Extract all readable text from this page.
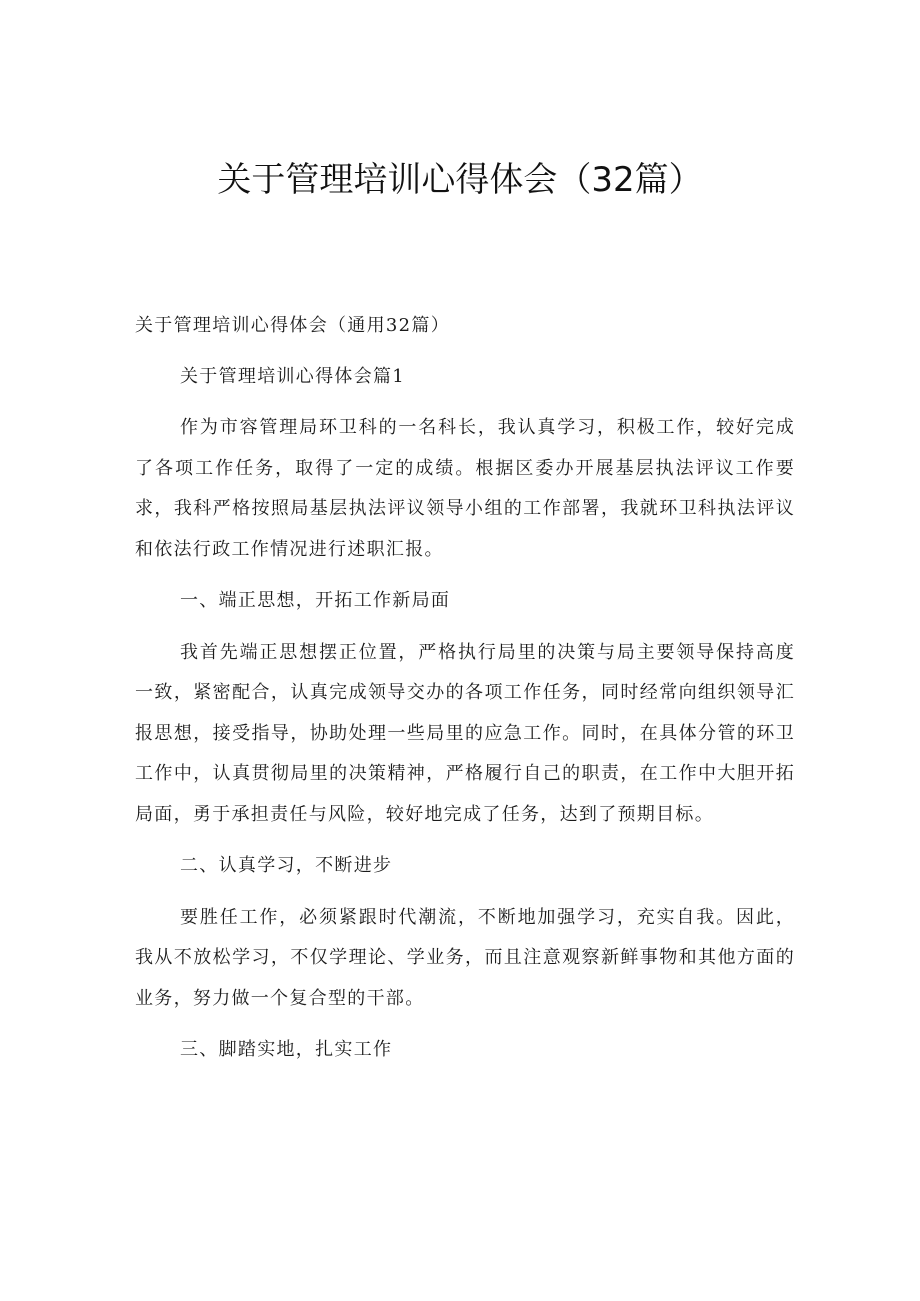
关于管理培训心得体会（32篇）

关于管理培训心得体会（通用32篇）

关于管理培训心得体会篇1

作为市容管理局环卫科的一名科长，我认真学习，积极工作，较好完成了各项工作任务，取得了一定的成绩。根据区委办开展基层执法评议工作要求，我科严格按照局基层执法评议领导小组的工作部署，我就环卫科执法评议和依法行政工作情况进行述职汇报。

一、端正思想，开拓工作新局面

我首先端正思想摆正位置，严格执行局里的决策与局主要领导保持高度一致，紧密配合，认真完成领导交办的各项工作任务，同时经常向组织领导汇报思想，接受指导，协助处理一些局里的应急工作。同时，在具体分管的环卫工作中，认真贯彻局里的决策精神，严格履行自己的职责，在工作中大胆开拓局面，勇于承担责任与风险，较好地完成了任务，达到了预期目标。

二、认真学习，不断进步

要胜任工作，必须紧跟时代潮流，不断地加强学习，充实自我。因此，我从不放松学习，不仅学理论、学业务，而且注意观察新鲜事物和其他方面的业务，努力做一个复合型的干部。

三、脚踏实地，扎实工作
